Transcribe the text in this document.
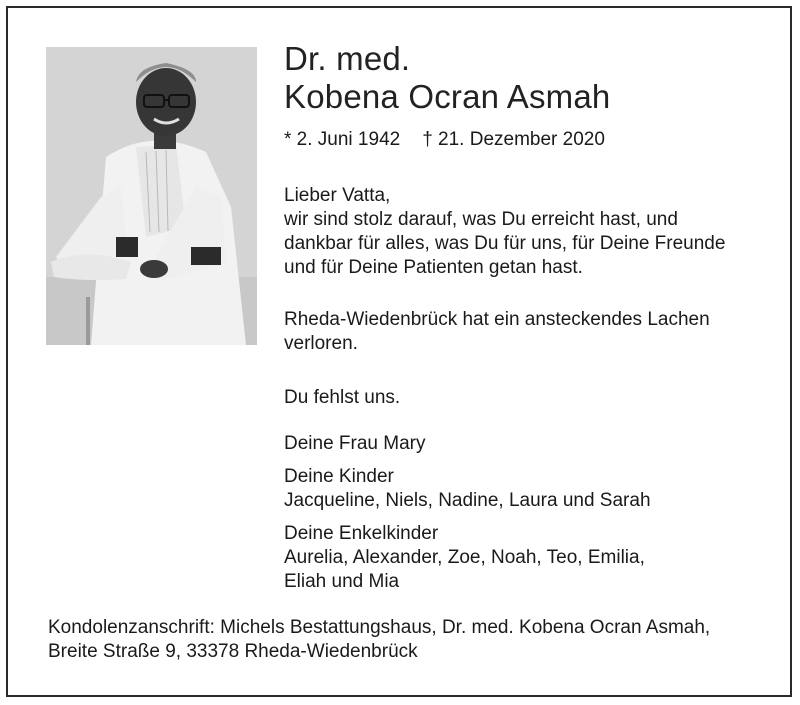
Dr. med.
Kobena Ocran Asmah
* 2. Juni 1942 † 21. Dezember 2020

Lieber Vatta,

wir sind stolz darauf, was Du erreicht hast, und

dankbar für alles, was Du für uns, für Deine Freunde

und für Deine Patienten getan hast.

Rheda-Wiedenbrück hat ein ansteckendes Lachen

verloren.

Du fehlst uns.

Deine Frau Mary

Deine Kinder

Jacqueline, Niels, Nadine, Laura und Sarah

Deine Enkelkinder

Aurelia, Alexander, Zoe, Noah, Teo, Emilia,

Eliah und Mia

Kondolenzanschrift: Michels Bestattungshaus, Dr. med. Kobena Ocran Asmah,

Breite Straße 9, 33378 Rheda-Wiedenbrück
